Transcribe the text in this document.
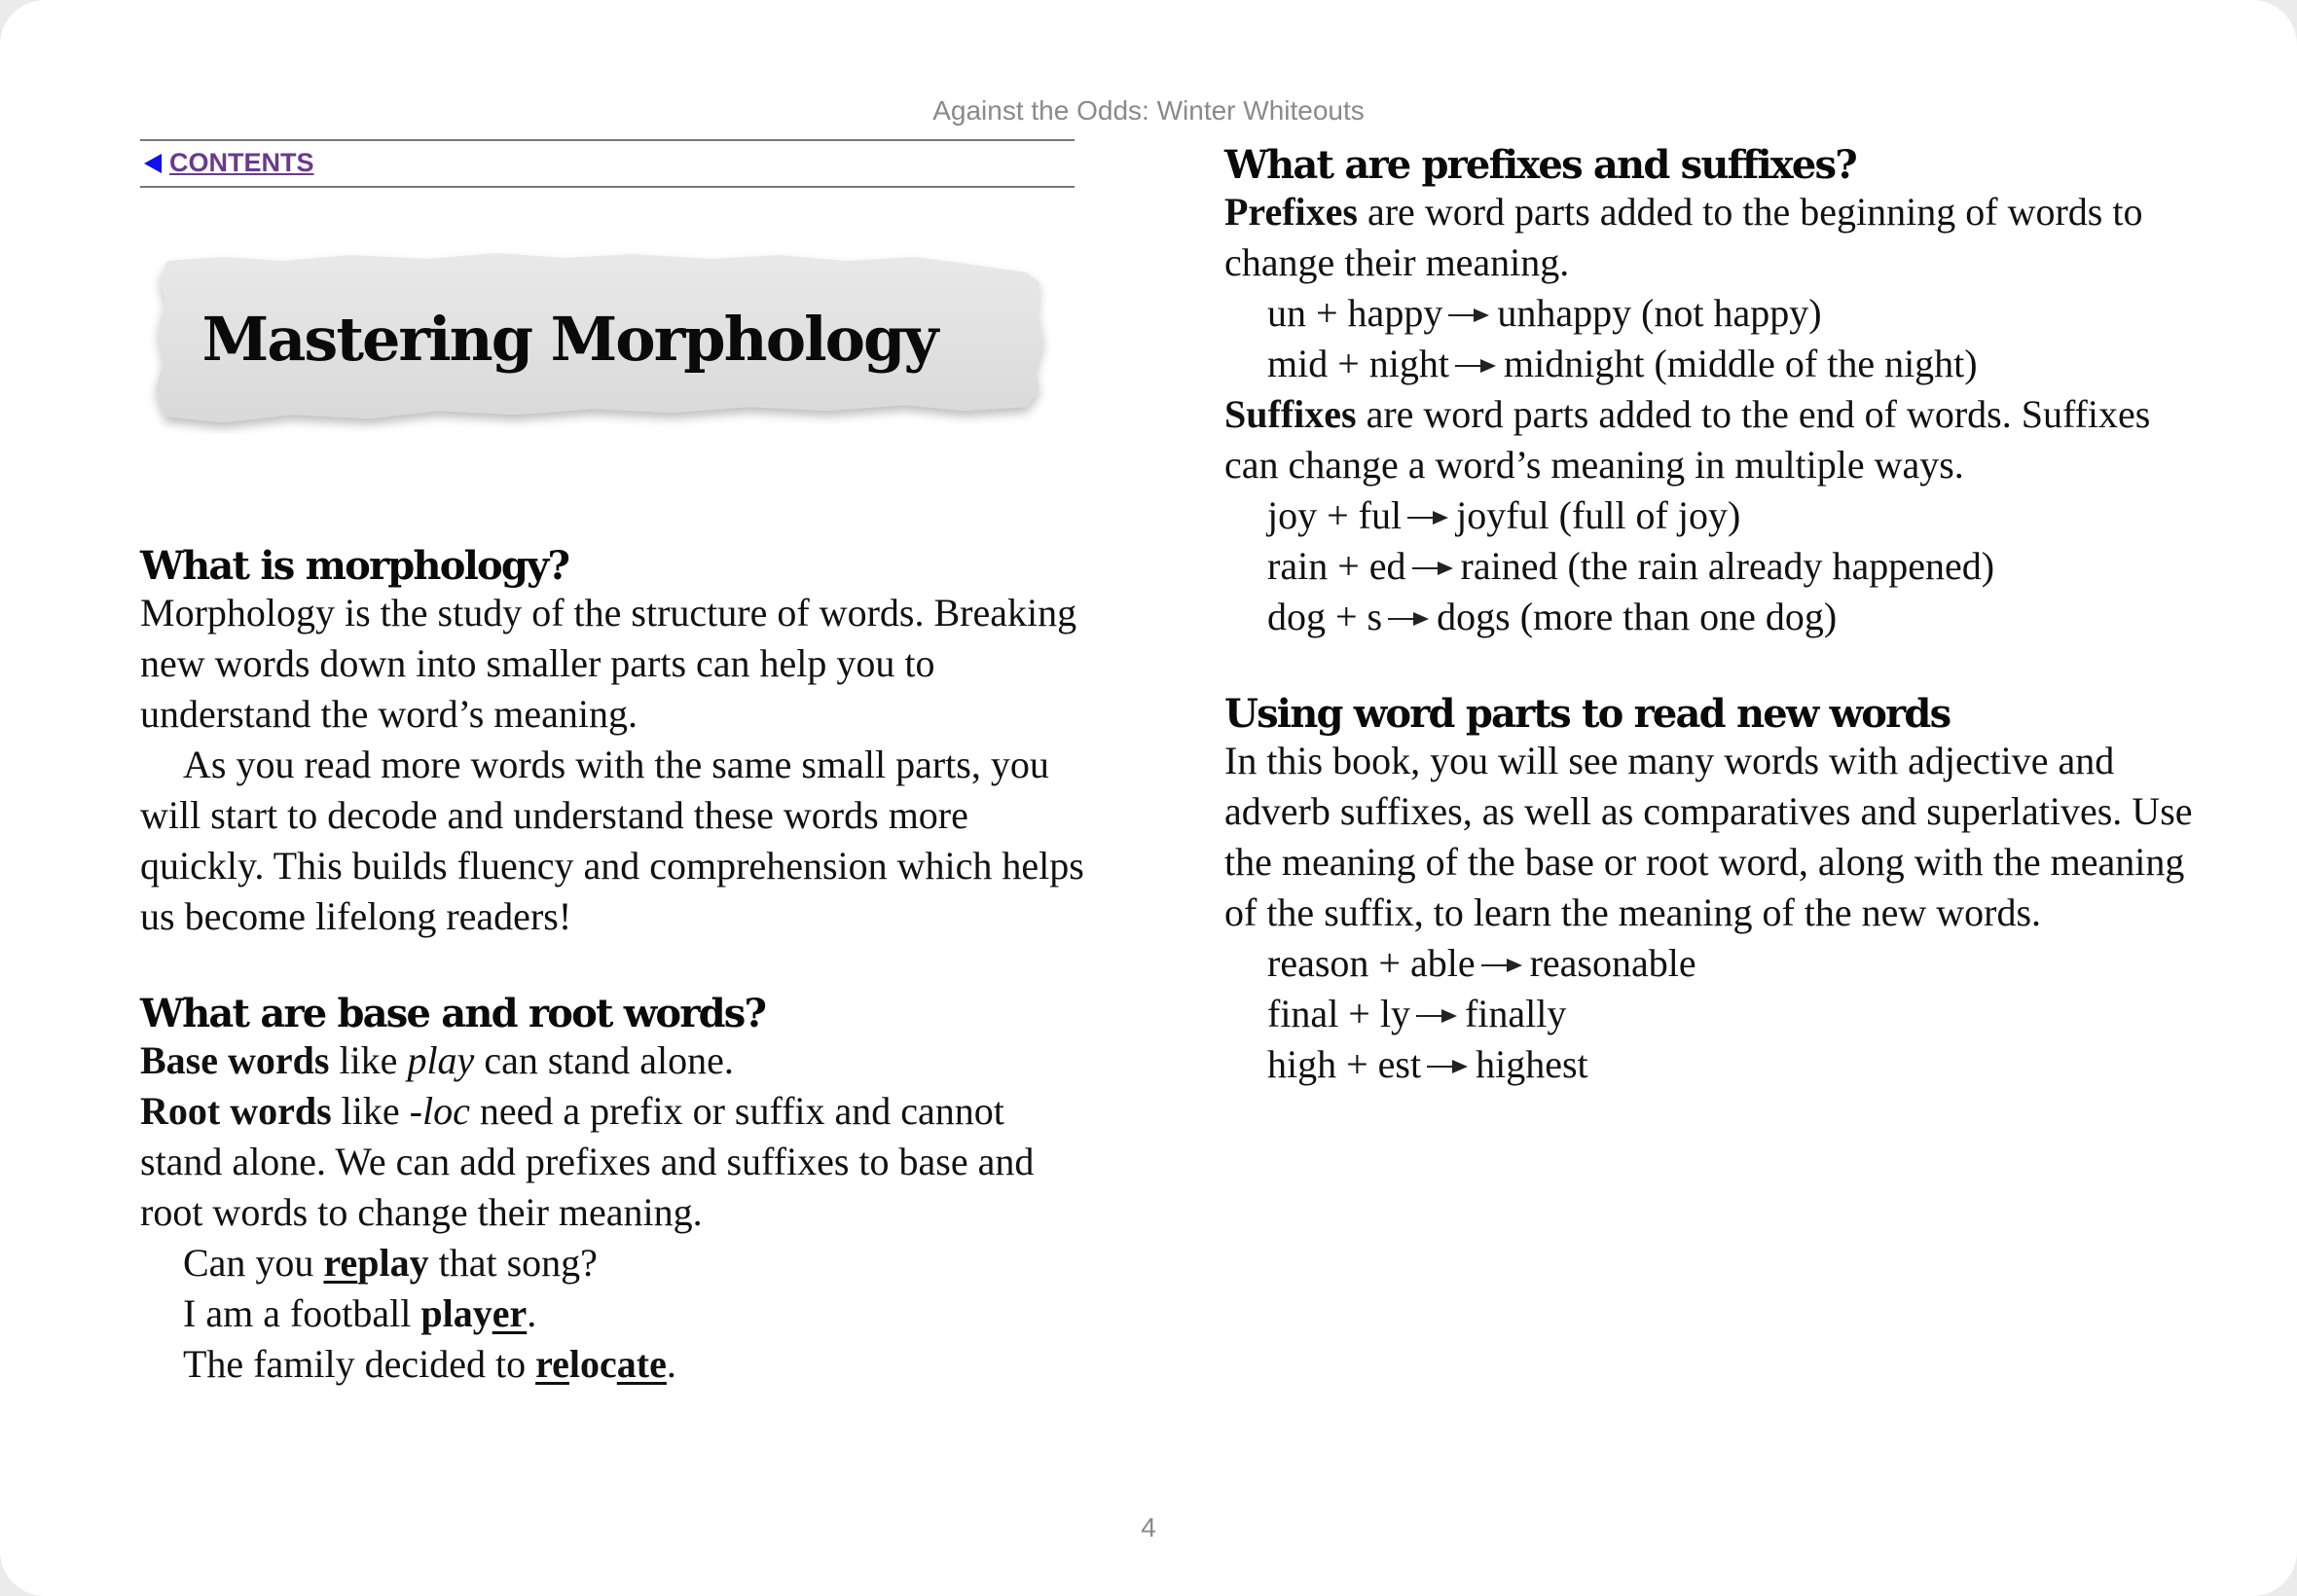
Against the Odds: Winter Whiteouts
CONTENTS
Mastering Morphology
What is morphology?

Morphology is the study of the structure of words. Breaking new words down into smaller parts can help you to understand the word’s meaning.

As you read more words with the same small parts, you will start to decode and understand these words more quickly. This builds fluency and comprehension which helps us become lifelong readers!

What are base and root words?

Base words like play can stand alone.

Root words like -loc need a prefix or suffix and cannot stand alone. We can add prefixes and suffixes to base and root words to change their meaning.

Can you replay that song?

I am a football player.

The family decided to relocate.

What are prefixes and suffixes?

Prefixes are word parts added to the beginning of words to change their meaning.

un + happy unhappy (not happy)

mid + night midnight (middle of the night)

Suffixes are word parts added to the end of words. Suffixes can change a word’s meaning in multiple ways.

joy + ful joyful (full of joy)

rain + ed rained (the rain already happened)

dog + s dogs (more than one dog)

Using word parts to read new words

In this book, you will see many words with adjective and adverb suffixes, as well as comparatives and superlatives. Use the meaning of the base or root word, along with the meaning of the suffix, to learn the meaning of the new words.

reason + able reasonable

final + ly finally

high + est highest

4
